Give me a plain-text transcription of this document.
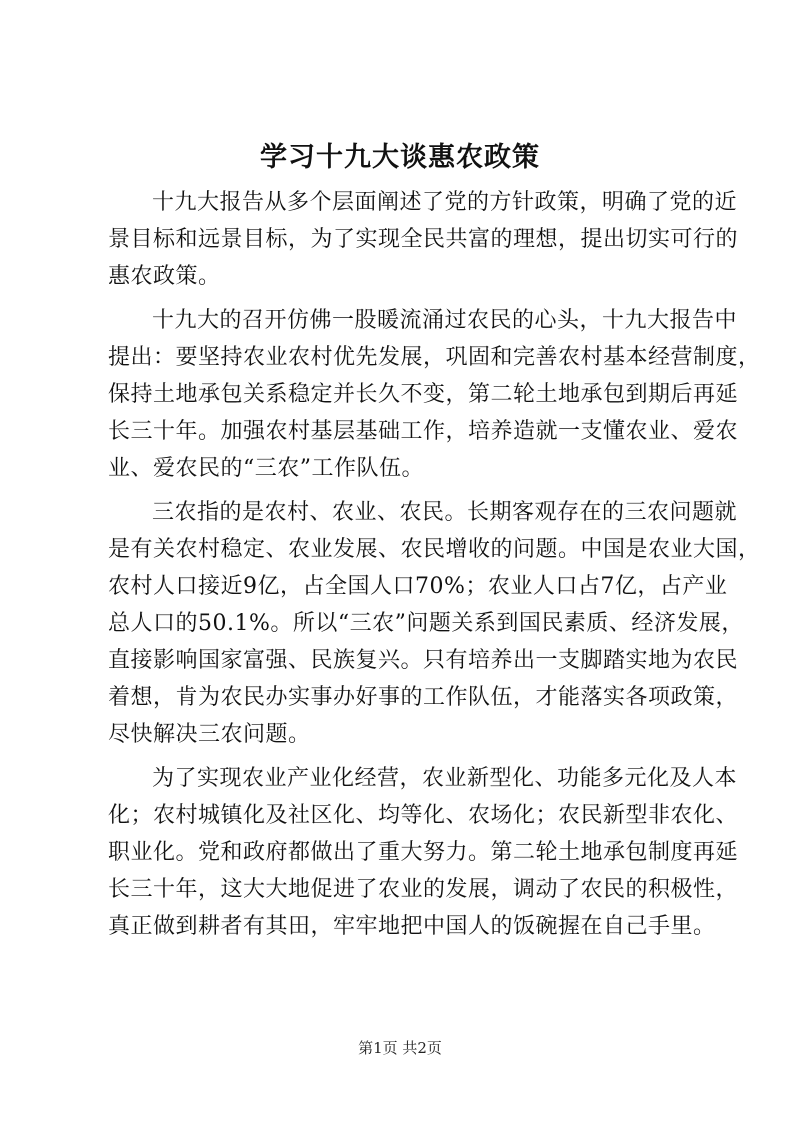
学习十九大谈惠农政策
十九大报告从多个层面阐述了党的方针政策，明确了党的近
景目标和远景目标，为了实现全民共富的理想，提出切实可行的
惠农政策。
十九大的召开仿佛一股暖流涌过农民的心头，十九大报告中
提出：要坚持农业农村优先发展，巩固和完善农村基本经营制度，
保持土地承包关系稳定并长久不变，第二轮土地承包到期后再延
长三十年。加强农村基层基础工作，培养造就一支懂农业、爱农
业、爱农民的“三农”工作队伍。
三农指的是农村、农业、农民。长期客观存在的三农问题就
是有关农村稳定、农业发展、农民增收的问题。中国是农业大国，
农村人口接近9亿，占全国人口70%；农业人口占7亿，占产业
总人口的50.1%。所以“三农”问题关系到国民素质、经济发展，
直接影响国家富强、民族复兴。只有培养出一支脚踏实地为农民
着想，肯为农民办实事办好事的工作队伍，才能落实各项政策，
尽快解决三农问题。
为了实现农业产业化经营，农业新型化、功能多元化及人本
化；农村城镇化及社区化、均等化、农场化；农民新型非农化、
职业化。党和政府都做出了重大努力。第二轮土地承包制度再延
长三十年，这大大地促进了农业的发展，调动了农民的积极性，
真正做到耕者有其田，牢牢地把中国人的饭碗握在自己手里。
第1页 共2页
